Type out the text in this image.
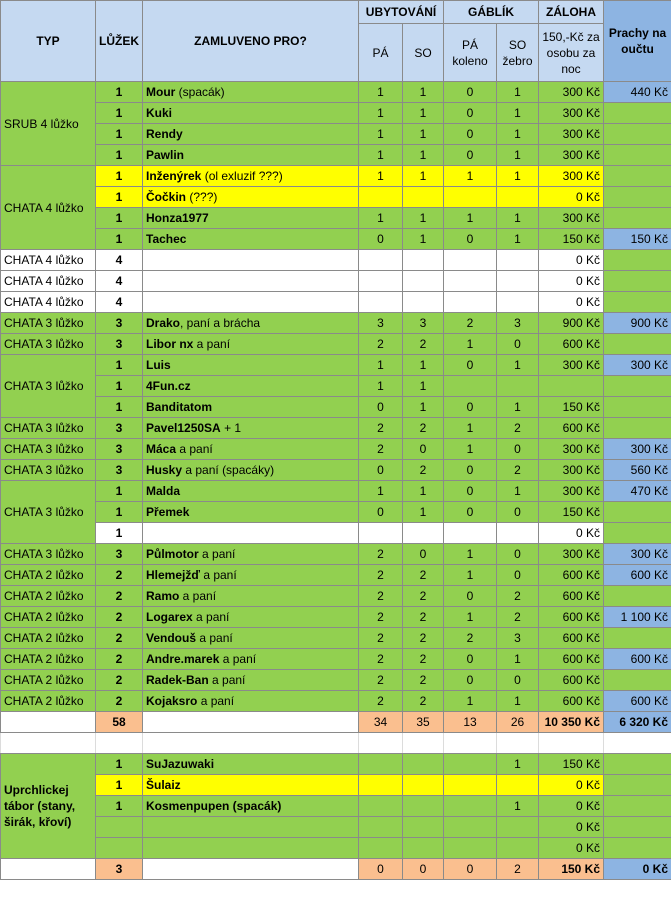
TYP	LŮŽEK	ZAMLUVENO PRO?	UBYTOVÁNÍ		GÁBLÍK		ZÁLOHA	Prachy na oučtu
			PÁ	SO	PÁ koleno	SO žebro	150,-Kč za osobu za noc	
SRUB 4 lůžko	1	Mour (spacák)	1	1	0	1	300 Kč	440 Kč
	1	Kuki	1	1	0	1	300 Kč	
	1	Rendy	1	1	0	1	300 Kč	
	1	Pawlin	1	1	0	1	300 Kč	
CHATA 4 lůžko	1	Inženýrek (ol exluzif ???)	1	1	1	1	300 Kč	
	1	Čočkin (???)					0 Kč	
	1	Honza1977	1	1	1	1	300 Kč	
	1	Tachec	0	1	0	1	150 Kč	150 Kč
CHATA 4 lůžko	4						0 Kč	
CHATA 4 lůžko	4						0 Kč	
CHATA 4 lůžko	4						0 Kč	
CHATA 3 lůžko	3	Drako, paní a brácha	3	3	2	3	900 Kč	900 Kč
CHATA 3 lůžko	3	Libor nx a paní	2	2	1	0	600 Kč	
CHATA 3 lůžko	1	Luis	1	1	0	1	300 Kč	300 Kč
	1	4Fun.cz	1	1				
	1	Banditatom	0	1	0	1	150 Kč	
CHATA 3 lůžko	3	Pavel1250SA + 1	2	2	1	2	600 Kč	
CHATA 3 lůžko	3	Máca a paní	2	0	1	0	300 Kč	300 Kč
CHATA 3 lůžko	3	Husky a paní (spacáky)	0	2	0	2	300 Kč	560 Kč
CHATA 3 lůžko	1	Malda	1	1	0	1	300 Kč	470 Kč
	1	Přemek	0	1	0	0	150 Kč	
	1						0 Kč	
CHATA 3 lůžko	3	Půlmotor a paní	2	0	1	0	300 Kč	300 Kč
CHATA 2 lůžko	2	Hlemejžď a paní	2	2	1	0	600 Kč	600 Kč
CHATA 2 lůžko	2	Ramo a paní	2	2	0	2	600 Kč	
CHATA 2 lůžko	2	Logarex a paní	2	2	1	2	600 Kč	1 100 Kč
CHATA 2 lůžko	2	Vendouš a paní	2	2	2	3	600 Kč	
CHATA 2 lůžko	2	Andre.marek a paní	2	2	0	1	600 Kč	600 Kč
CHATA 2 lůžko	2	Radek-Ban a paní	2	2	0	0	600 Kč	
CHATA 2 lůžko	2	Kojaksro a paní	2	2	1	1	600 Kč	600 Kč
	58		34	35	13	26	10 350 Kč	6 320 Kč

Uprchlickej tábor (stany, širák, křoví)	1	SuJazuwaki				1	150 Kč	
	1	Šulaiz					0 Kč	
	1	Kosmenpupen (spacák)				1	0 Kč	
							0 Kč	
							0 Kč	
	3		0	0	0	2	150 Kč	0 Kč
